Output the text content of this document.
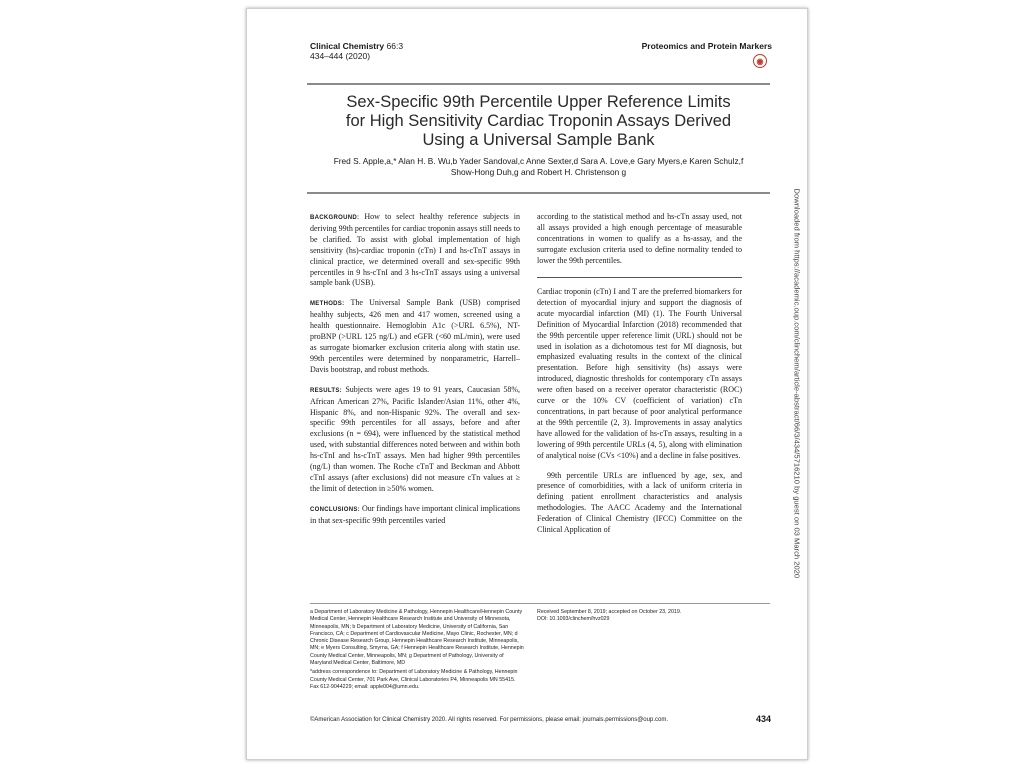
Clinical Chemistry 66:3
434–444 (2020)
Proteomics and Protein Markers
◉
Sex-Specific 99th Percentile Upper Reference Limits
for High Sensitivity Cardiac Troponin Assays Derived
Using a Universal Sample Bank
Fred S. Apple,a,* Alan H. B. Wu,b Yader Sandoval,c Anne Sexter,d Sara A. Love,e Gary Myers,e Karen Schulz,f
Show-Hong Duh,g and Robert H. Christenson g

BACKGROUND: How to select healthy reference subjects in deriving 99th percentiles for cardiac troponin assays still needs to be clarified. To assist with global implementation of high sensitivity (hs)-cardiac troponin (cTn) I and hs-cTnT assays in clinical practice, we determined overall and sex-specific 99th percentiles in 9 hs-cTnI and 3 hs-cTnT assays using a universal sample bank (USB).

METHODS: The Universal Sample Bank (USB) comprised healthy subjects, 426 men and 417 women, screened using a health questionnaire. Hemoglobin A1c (>URL 6.5%), NT-proBNP (>URL 125 ng/L) and eGFR (<60 mL/min), were used as surrogate biomarker exclusion criteria along with statin use. 99th percentiles were determined by nonparametric, Harrell–Davis bootstrap, and robust methods.

RESULTS: Subjects were ages 19 to 91 years, Caucasian 58%, African American 27%, Pacific Islander/Asian 11%, other 4%, Hispanic 8%, and non-Hispanic 92%. The overall and sex-specific 99th percentiles for all assays, before and after exclusions (n = 694), were influenced by the statistical method used, with substantial differences noted between and within both hs-cTnI and hs-cTnT assays. Men had higher 99th percentiles (ng/L) than women. The Roche cTnT and Beckman and Abbott cTnI assays (after exclusions) did not measure cTn values at ≥ the limit of detection in ≥50% women.

CONCLUSIONS: Our findings have important clinical implications in that sex-specific 99th percentiles varied

according to the statistical method and hs-cTn assay used, not all assays provided a high enough percentage of measurable concentrations in women to qualify as a hs-assay, and the surrogate exclusion criteria used to define normality tended to lower the 99th percentiles.

Cardiac troponin (cTn) I and T are the preferred biomarkers for detection of myocardial injury and support the diagnosis of acute myocardial infarction (MI) (1). The Fourth Universal Definition of Myocardial Infarction (2018) recommended that the 99th percentile upper reference limit (URL) should not be used in isolation as a dichotomous test for MI diagnosis, but emphasized evaluating results in the context of the clinical presentation. Before high sensitivity (hs) assays were introduced, diagnostic thresholds for contemporary cTn assays were often based on a receiver operator characteristic (ROC) curve or the 10% CV (coefficient of variation) cTn concentrations, in part because of poor analytical performance at the 99th percentile (2, 3). Improvements in assay analytics have allowed for the validation of hs-cTn assays, resulting in a lowering of 99th percentile URLs (4, 5), along with elimination of analytical noise (CVs <10%) and a decline in false positives.

99th percentile URLs are influenced by age, sex, and presence of comorbidities, with a lack of uniform criteria in defining patient enrollment characteristics and analysis methodologies. The AACC Academy and the International Federation of Clinical Chemistry (IFCC) Committee on the Clinical Application of

a Department of Laboratory Medicine & Pathology, Hennepin Healthcare/Hennepin County Medical Center, Hennepin Healthcare Research Institute and University of Minnesota, Minneapolis, MN; b Department of Laboratory Medicine, University of California, San Francisco, CA; c Department of Cardiovascular Medicine, Mayo Clinic, Rochester, MN; d Chronic Disease Research Group, Hennepin Healthcare Research Institute, Minneapolis, MN; e Myers Consulting, Smyrna, GA; f Hennepin Healthcare Research Institute, Hennepin County Medical Center, Minneapolis, MN; g Department of Pathology, University of Maryland Medical Center, Baltimore, MD
*address correspondence to: Department of Laboratory Medicine & Pathology, Hennepin County Medical Center, 701 Park Ave, Clinical Laboratories P4, Minneapolis MN 55415. Fax 612-9044229; email: apple004@umn.edu.
Received September 8, 2019; accepted on October 23, 2019.
DOI: 10.1093/clinchem/hvz029
©American Association for Clinical Chemistry 2020. All rights reserved. For permissions, please email: journals.permissions@oup.com.	434
Downloaded from https://academic.oup.com/clinchem/article-abstract/66/3/434/5716210 by guest on 03 March 2020
